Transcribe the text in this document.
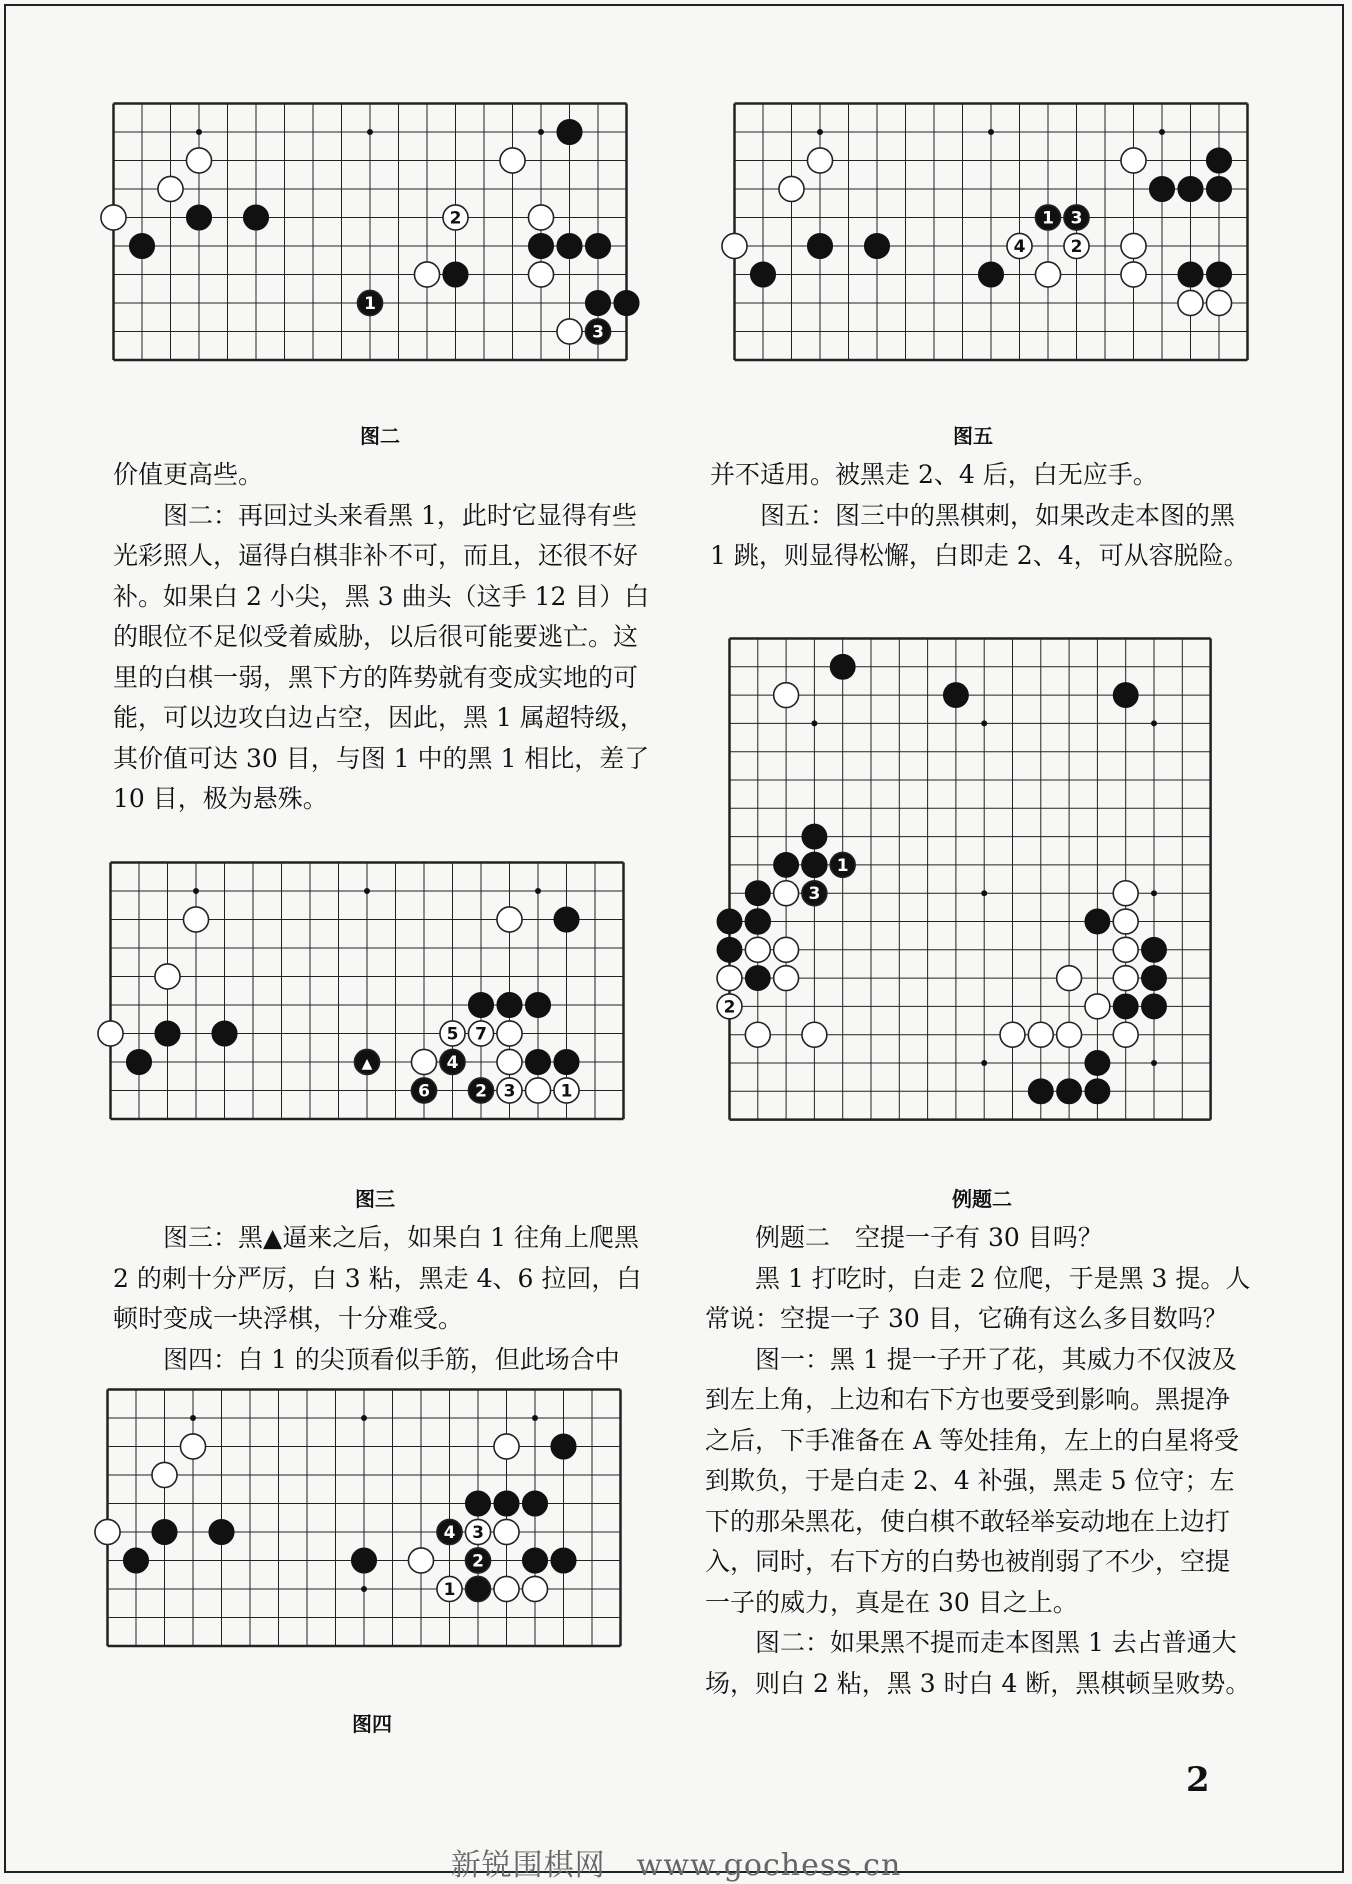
1
2
3
图二
1 3
2
4
图五

价值更高些。

图二：再回过头来看黑 1，此时它显得有些光彩照人，逼得白棋非补不可，而且，还很不好补。如果白 2 小尖，黑 3 曲头（这手 12 目）白的眼位不足似受着威胁，以后很可能要逃亡。这里的白棋一弱，黑下方的阵势就有变成实地的可能，可以边攻白边占空，因此，黑 1 属超特级，其价值可达 30 目，与图 1 中的黑 1 相比，差了 10 目，极为悬殊。

并不适用。被黑走 2、4 后，白无应手。

图五：图三中的黑棋刺，如果改走本图的黑 1 跳，则显得松懈，白即走 2、4，可从容脱险。

▲
5 7
4
6	2 3	1
图三
1
3
2
例题二

图三：黑▲逼来之后，如果白 1 往角上爬黑 2 的刺十分严厉，白 3 粘，黑走 4、6 拉回，白顿时变成一块浮棋，十分难受。

图四：白 1 的尖顶看似手筋，但此场合中

4 3
2
1
图四

例题二　空提一子有 30 目吗？

黑 1 打吃时，白走 2 位爬，于是黑 3 提。人常说：空提一子 30 目，它确有这么多目数吗？

图一：黑 1 提一子开了花，其威力不仅波及到左上角，上边和右下方也要受到影响。黑提净之后，下手准备在 A 等处挂角，左上的白星将受到欺负，于是白走 2、4 补强，黑走 5 位守；左下的那朵黑花，使白棋不敢轻举妄动地在上边打入，同时，右下方的白势也被削弱了不少，空提一子的威力，真是在 30 目之上。

图二：如果黑不提而走本图黑 1 去占普通大场，则白 2 粘，黑 3 时白 4 断，黑棋顿呈败势。

2
新锐围棋网　www.gochess.cn
